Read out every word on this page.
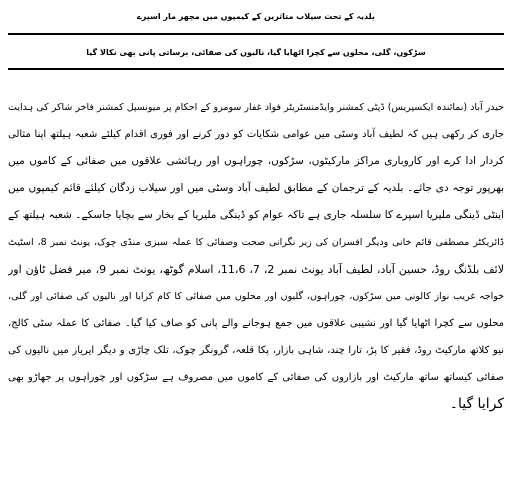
بلدیہ کے تحت سیلاب متاثرین کے کیمپوں میں مچھر مار اسپرے
سڑکوں، گلی، محلوں سے کچرا اٹھایا گیا، نالیوں کی صفائی، برساتی پانی بھی نکالا گیا
حیدر آباد (نمائندہ ایکسپریس) ڈپٹی کمشنر وایڈمنسٹریٹر فواد غفار سومرو کے احکام پر میونسپل کمشنر فاخر شاکر کی ہدایت
جاری کر رکھی ہیں کہ لطیف آباد وسٹی میں عوامی شکایات کو دور کرنے اور فوری اقدام کیلئے شعبہ ہیلتھ اپنا مثالی
کردار ادا کرے اور کاروباری مراکز مارکیٹوں، سڑکوں، چوراہوں اور رہائشی علاقوں میں صفائی کے کاموں میں
بھرپور توجہ دی جائے۔ بلدیہ کے ترجمان کے مطابق لطیف آباد وسٹی میں اور سیلاب زدگان کیلئے قائم کیمپوں میں
اینٹی ڈینگی ملیریا اسپرے کا سلسلہ جاری ہے تاکہ عوام کو ڈینگی ملیریا کے بخار سے بچایا جاسکے۔ شعبہ ہیلتھ کے
ڈائریکٹر مصطفی قائم خانی ودیگر افسران کی زیر نگرانی صحت وصفائی کا عملہ سبزی منڈی چوک، یونٹ نمبر 8، اسٹیٹ
لائف بلڈنگ روڈ، حسین آباد، لطیف آباد یونٹ نمبر 2، 7، 11،6، اسلام گوٹھ، یونٹ نمبر 9، میر فضل ٹاؤن اور
خواجہ غریب نواز کالونی میں سڑکوں، چوراہوں، گلیوں اور محلوں میں صفائی کا کام کرایا اور نالیوں کی صفائی اور گلی،
محلوں سے کچرا اٹھایا گیا اور نشیبی علاقوں میں جمع ہوجانے والے پانی کو صاف کیا گیا۔ صفائی کا عملہ سٹی کالج،
نیو کلاتھ مارکیٹ روڈ، فقیر کا پڑ، تارا چند، شاہی بازار، پکا قلعہ، گرونگر چوک، تلک چاڑی و دیگر ایریاز میں نالیوں کی
صفائی کیساتھ ساتھ مارکیٹ اور بازاروں کی صفائی کے کاموں میں مصروف ہے سڑکوں اور چوراہوں پر جھاڑو بھی
کرایا گیا۔
